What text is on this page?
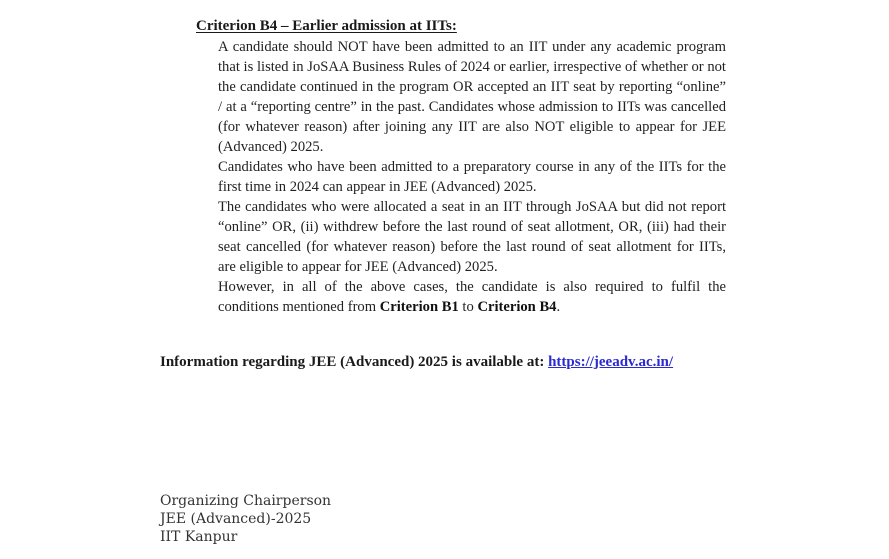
Criterion B4 – Earlier admission at IITs:

A candidate should NOT have been admitted to an IIT under any academic program that is listed in JoSAA Business Rules of 2024 or earlier, irrespective of whether or not the candidate continued in the program OR accepted an IIT seat by reporting “online” / at a “reporting centre” in the past. Candidates whose admission to IITs was cancelled (for whatever reason) after joining any IIT are also NOT eligible to appear for JEE (Advanced) 2025.

Candidates who have been admitted to a preparatory course in any of the IITs for the first time in 2024 can appear in JEE (Advanced) 2025.

The candidates who were allocated a seat in an IIT through JoSAA but did not report “online” OR, (ii) withdrew before the last round of seat allotment, OR, (iii) had their seat cancelled (for whatever reason) before the last round of seat allotment for IITs, are eligible to appear for JEE (Advanced) 2025.

However, in all of the above cases, the candidate is also required to fulfil the conditions mentioned from Criterion B1 to Criterion B4.

Information regarding JEE (Advanced) 2025 is available at: https://jeeadv.ac.in/
Organizing Chairperson
JEE (Advanced)-2025
IIT Kanpur
